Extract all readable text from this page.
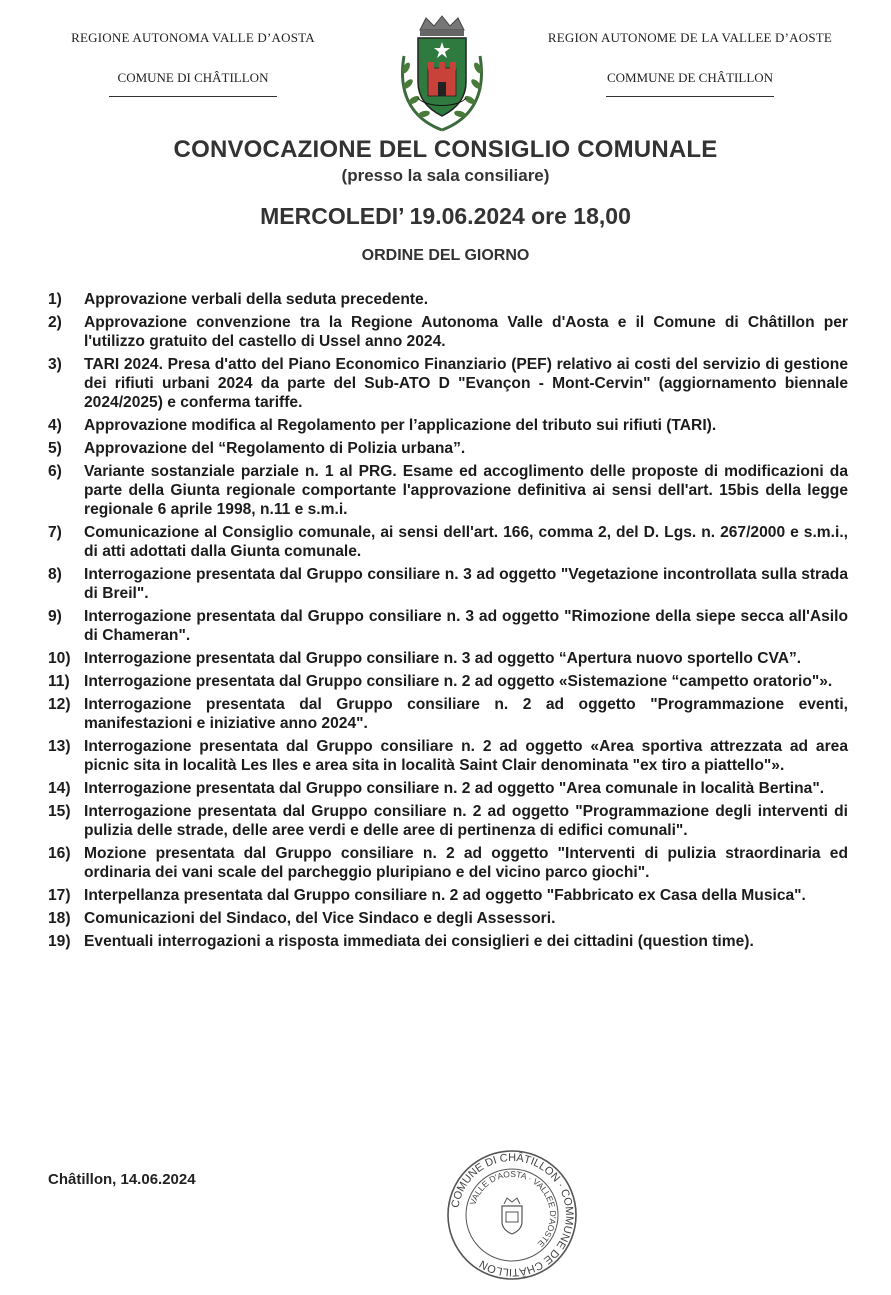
REGIONE AUTONOMA VALLE D’AOSTA
COMUNE DI CHÂTILLON
REGION AUTONOME DE LA VALLEE D’AOSTE
COMMUNE DE CHÂTILLON
CONVOCAZIONE DEL CONSIGLIO COMUNALE
(presso la sala consiliare)
MERCOLEDI’ 19.06.2024 ore 18,00
ORDINE DEL GIORNO
1)	Approvazione verbali della seduta precedente.
2)	Approvazione convenzione tra la Regione Autonoma Valle d'Aosta e il Comune di Châtillon per l'utilizzo gratuito del castello di Ussel anno 2024.
3)	TARI 2024. Presa d'atto del Piano Economico Finanziario (PEF) relativo ai costi del servizio di gestione dei rifiuti urbani 2024 da parte del Sub-ATO D "Evançon - Mont-Cervin" (aggiornamento biennale 2024/2025) e conferma tariffe.
4)	Approvazione modifica al Regolamento per l’applicazione del tributo sui rifiuti (TARI).
5)	Approvazione del “Regolamento di Polizia urbana”.
6)	Variante sostanziale parziale n. 1 al PRG. Esame ed accoglimento delle proposte di modificazioni da parte della Giunta regionale comportante l'approvazione definitiva ai sensi dell'art. 15bis della legge regionale 6 aprile 1998, n.11 e s.m.i.
7)	Comunicazione al Consiglio comunale, ai sensi dell'art. 166, comma 2, del D. Lgs. n. 267/2000 e s.m.i., di atti adottati dalla Giunta comunale.
8)	Interrogazione presentata dal Gruppo consiliare n. 3 ad oggetto "Vegetazione incontrollata sulla strada di Breil".
9)	Interrogazione presentata dal Gruppo consiliare n. 3 ad oggetto "Rimozione della siepe secca all'Asilo di Chameran".
10) Interrogazione presentata dal Gruppo consiliare n. 3 ad oggetto “Apertura nuovo sportello CVA”.
11) Interrogazione presentata dal Gruppo consiliare n. 2 ad oggetto «Sistemazione “campetto oratorio"».
12) Interrogazione presentata dal Gruppo consiliare n. 2 ad oggetto "Programmazione eventi, manifestazioni e iniziative anno 2024".
13) Interrogazione presentata dal Gruppo consiliare n. 2 ad oggetto «Area sportiva attrezzata ad area picnic sita in località Les Iles e area sita in località Saint Clair denominata "ex tiro a piattello"».
14) Interrogazione presentata dal Gruppo consiliare n. 2 ad oggetto "Area comunale in località Bertina".
15) Interrogazione presentata dal Gruppo consiliare n. 2 ad oggetto "Programmazione degli interventi di pulizia delle strade, delle aree verdi e delle aree di pertinenza di edifici comunali".
16) Mozione presentata dal Gruppo consiliare n. 2 ad oggetto "Interventi di pulizia straordinaria ed ordinaria dei vani scale del parcheggio pluripiano e del vicino parco giochi".
17) Interpellanza presentata dal Gruppo consiliare n. 2 ad oggetto "Fabbricato ex Casa della Musica".
18) Comunicazioni del Sindaco, del Vice Sindaco e degli Assessori.
19) Eventuali interrogazioni a risposta immediata dei consiglieri e dei cittadini (question time).
Châtillon, 14.06.2024
COMUNE DI CHÂTILLON · COMMUNE DE CHÂTILLON
VALLE D'AOSTA · VALLEE D'AOSTE
